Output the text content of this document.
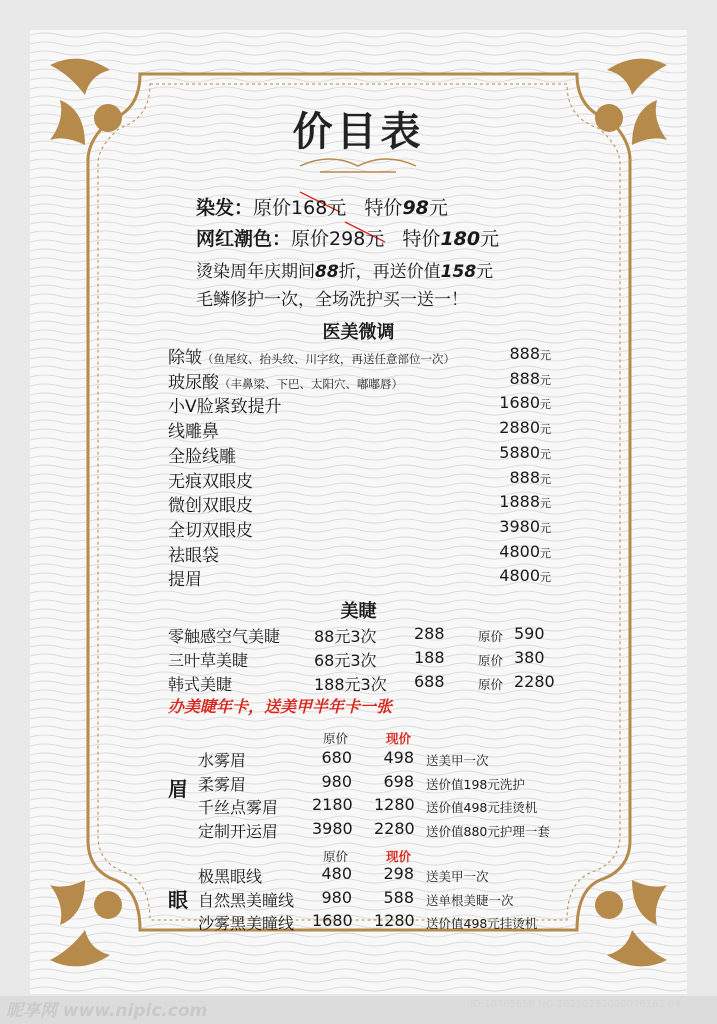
价目表
染发：原价168元 特价98元
网红潮色：原价298元 特价180元
烫染周年庆期间88折，再送价值158元
毛鳞修护一次，全场洗护买一送一！
医美微调
除皱（鱼尾纹、抬头纹、川字纹，再送任意部位一次）	888元
玻尿酸（丰鼻梁、下巴、太阳穴、嘟嘟唇）	888元
小V脸紧致提升	1680元
线雕鼻	2880元
全脸线雕	5880元
无痕双眼皮	888元
微创双眼皮	1888元
全切双眼皮	3980元
祛眼袋	4800元
提眉	4800元
美睫
零触感空气美睫 88元3次 288	原价 590
三叶草美睫	68元3次 188	原价 380
韩式美睫	188元3次 688	原价 2280
办美睫年卡，送美甲半年卡一张
原价	现价
眉
水雾眉	680	498 送美甲一次
柔雾眉	980	698 送价值198元洗护
千丝点雾眉 2180 1280 送价值498元挂烫机
定制开运眉 3980 2280 送价值880元护理一套
原价	现价
眼
极黑眼线	480	298 送美甲一次
自然黑美瞳线	980	588 送单根美睫一次
沙雾黑美瞳线 1680 1280 送价值498元挂烫机
昵享网 www.nipic.com	ID:10465858 NO:20210292000076161 04
